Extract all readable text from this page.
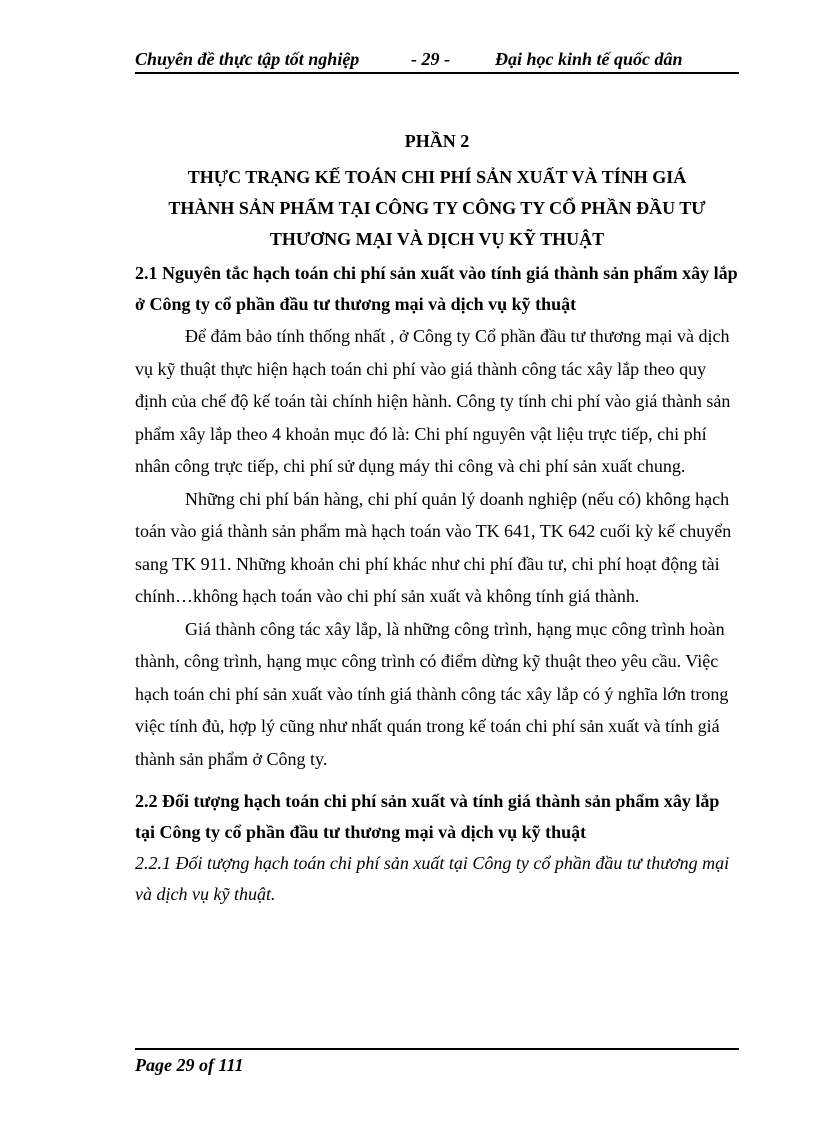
Chuyên đề thực tập tốt nghiệp	- 29 -	Đại học kinh tế quốc dân
PHẦN 2
THỰC TRẠNG KẾ TOÁN CHI PHÍ SẢN XUẤT VÀ TÍNH GIÁ
THÀNH SẢN PHẨM TẠI CÔNG TY CÔNG TY CỔ PHẦN ĐẦU TƯ
THƯƠNG MẠI VÀ DỊCH VỤ KỸ THUẬT

2.1 Nguyên tắc hạch toán chi phí sản xuất vào tính giá thành sản phẩm xây lắp ở Công ty cổ phần đầu tư thương mại và dịch vụ kỹ thuật

Để đảm bảo tính thống nhất , ở Công ty Cổ phần đầu tư thương mại và dịch vụ kỹ thuật thực hiện hạch toán chi phí vào giá thành công tác xây lắp theo quy định của chế độ kế toán tài chính hiện hành. Công ty tính chi phí vào giá thành sản phẩm xây lắp theo 4 khoản mục đó là: Chi phí nguyên vật liệu trực tiếp, chi phí nhân công trực tiếp, chi phí sử dụng máy thi công và chi phí sản xuất chung.

Những chi phí bán hàng, chi phí quản lý doanh nghiệp (nếu có) không hạch toán vào giá thành sản phẩm mà hạch toán vào TK 641, TK 642 cuối kỳ kế chuyển sang TK 911. Những khoản chi phí khác như chi phí đầu tư, chi phí hoạt động tài chính…không hạch toán vào chi phí sản xuất và không tính giá thành.

Giá thành công tác xây lắp, là những công trình, hạng mục công trình hoàn thành, công trình, hạng mục công trình có điểm dừng kỹ thuật theo yêu cầu. Việc hạch toán chi phí sản xuất vào tính giá thành công tác xây lắp có ý nghĩa lớn trong việc tính đủ, hợp lý cũng như nhất quán trong kế toán chi phí sản xuất và tính giá thành sản phẩm ở Công ty.

2.2 Đối tượng hạch toán chi phí sản xuất và tính giá thành sản phẩm xây lắp tại Công ty cổ phần đầu tư thương mại và dịch vụ kỹ thuật

2.2.1 Đối tượng hạch toán chi phí sản xuất tại Công ty cổ phần đầu tư thương mại và dịch vụ kỹ thuật.

Page 29 of 111
